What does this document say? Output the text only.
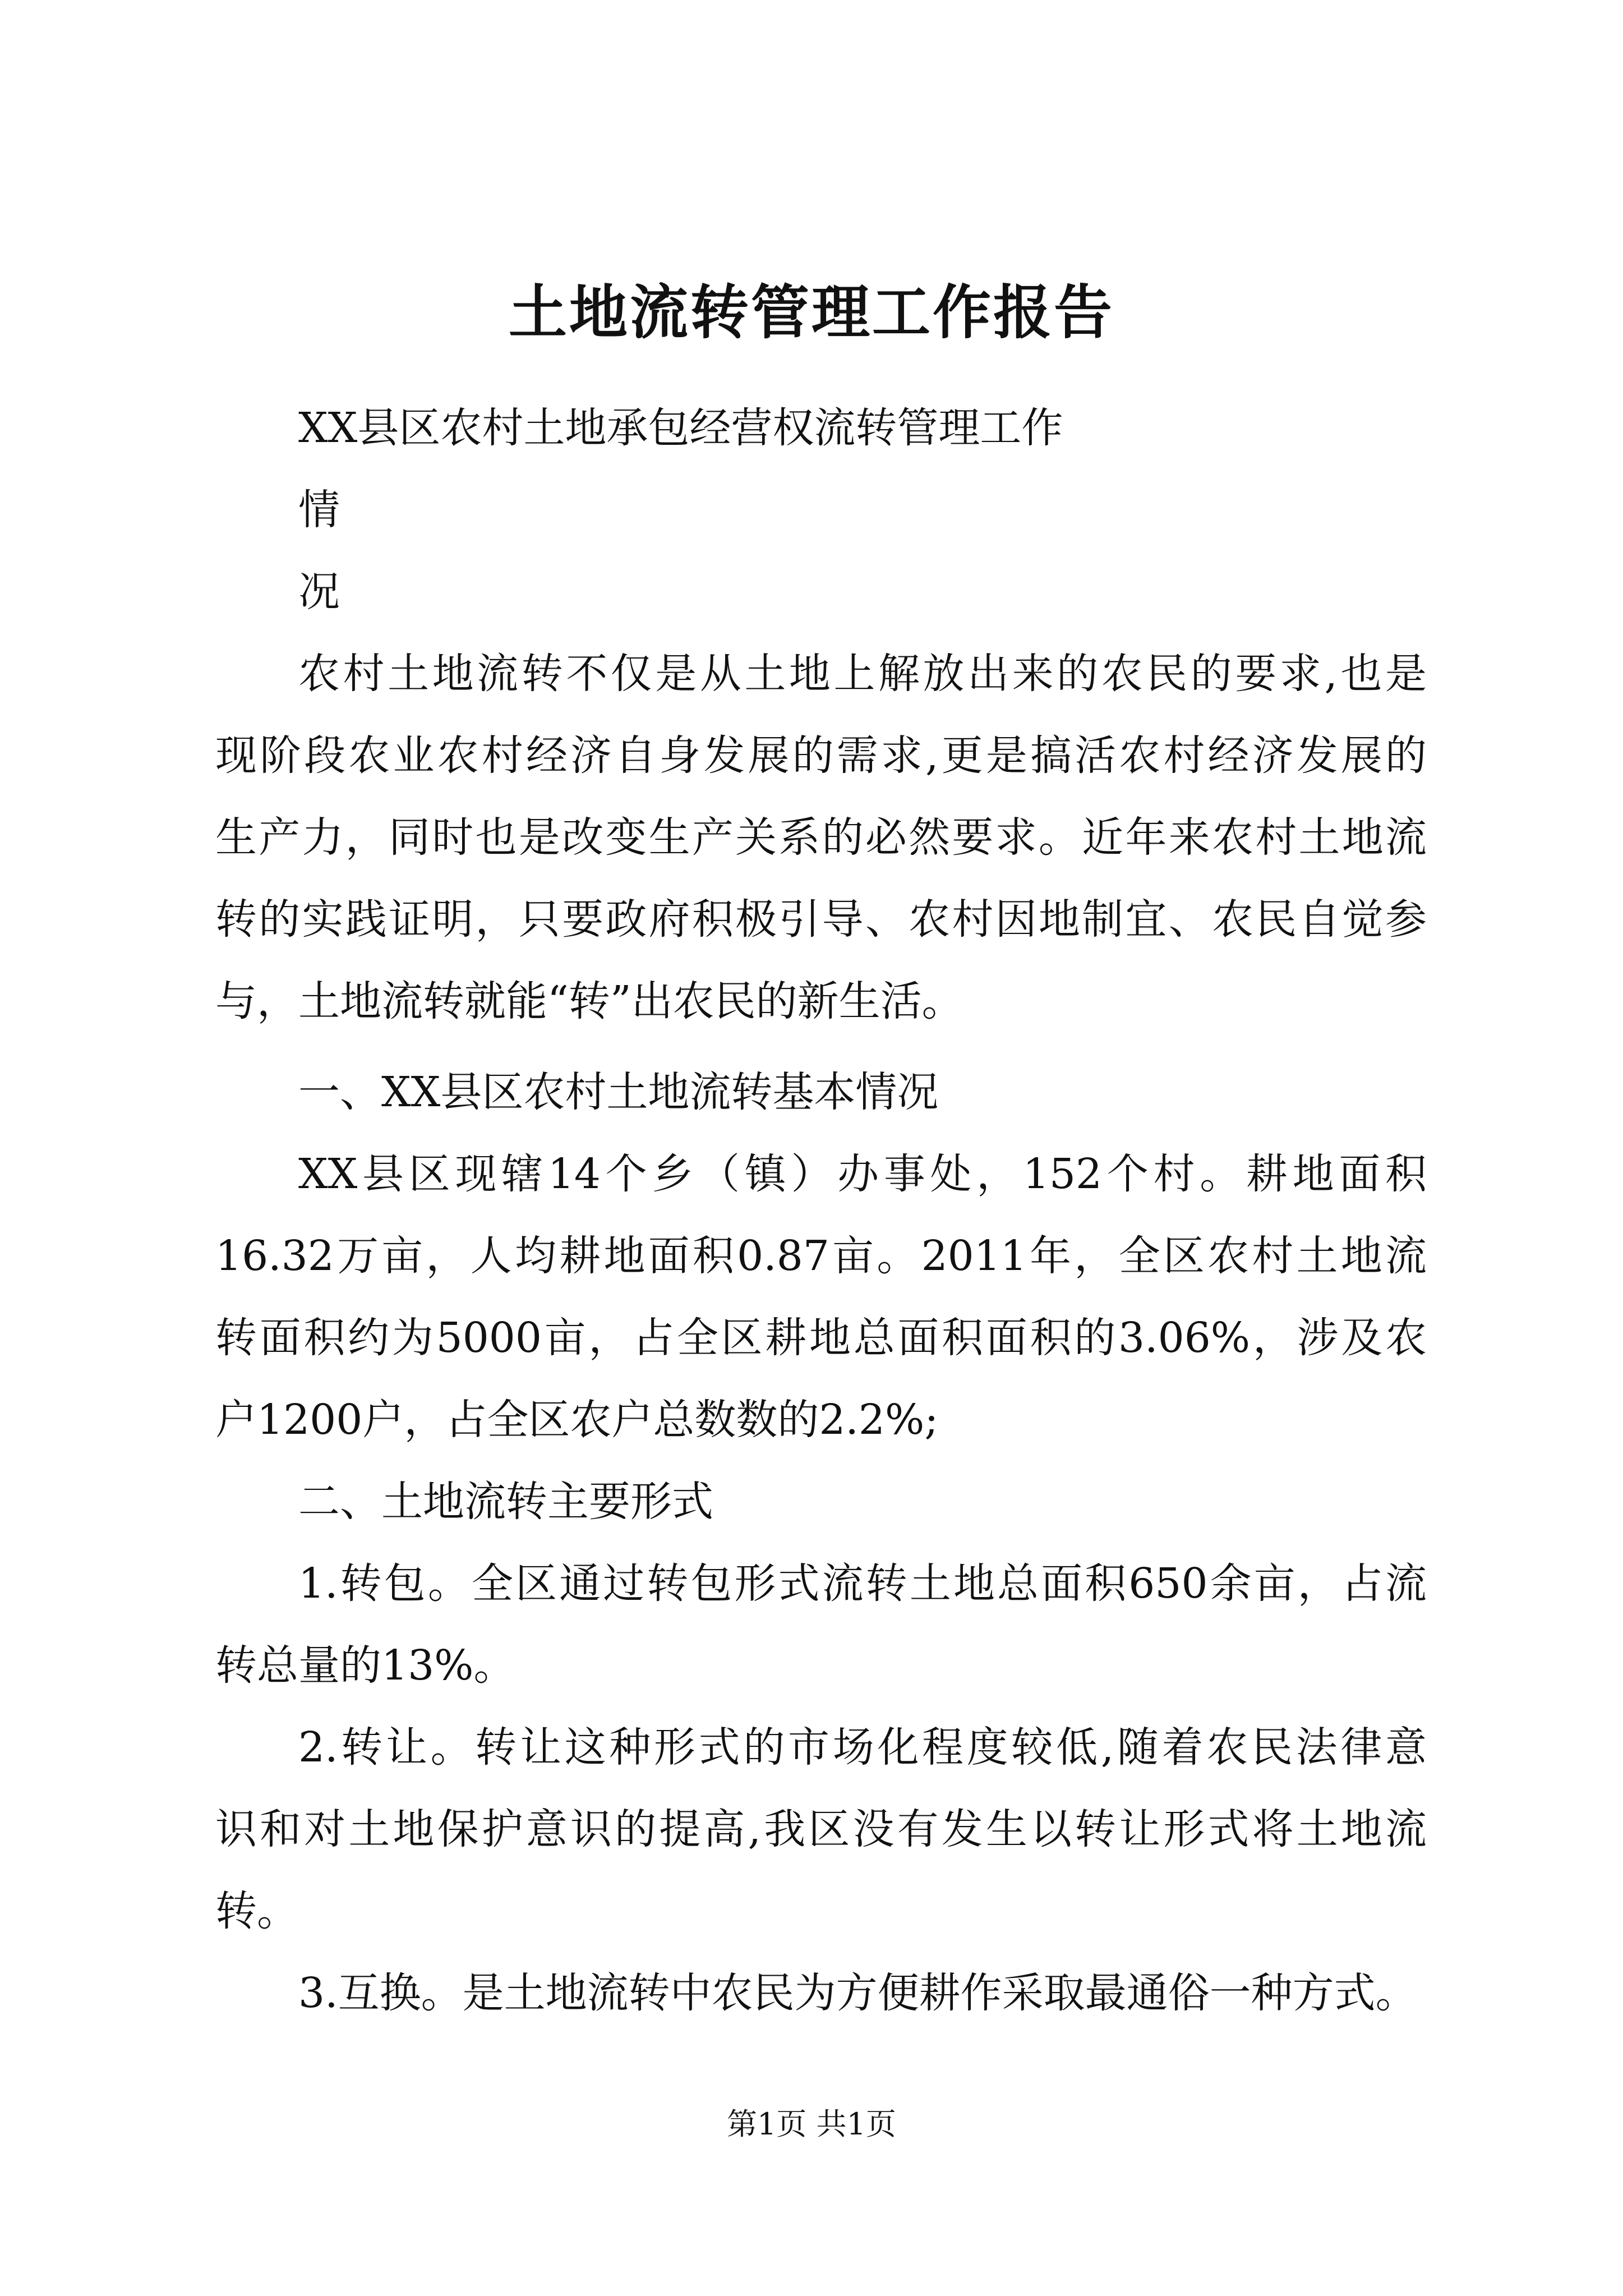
土地流转管理工作报告
XX县区农村土地承包经营权流转管理工作
情
况
农村土地流转不仅是从土地上解放出来的农民的要求,也是
现阶段农业农村经济自身发展的需求,更是搞活农村经济发展的
生产力，同时也是改变生产关系的必然要求。近年来农村土地流
转的实践证明，只要政府积极引导、农村因地制宜、农民自觉参
与，土地流转就能“转”出农民的新生活。
一、XX县区农村土地流转基本情况
XX县区现辖14个乡（镇）办事处，152个村。耕地面积
16.32万亩，人均耕地面积0.87亩。2011年，全区农村土地流
转面积约为5000亩，占全区耕地总面积面积的3.06%，涉及农
户1200户，占全区农户总数数的2.2%;
二、土地流转主要形式
1.转包。全区通过转包形式流转土地总面积650余亩，占流
转总量的13%。
2.转让。转让这种形式的市场化程度较低,随着农民法律意
识和对土地保护意识的提高,我区没有发生以转让形式将土地流
转。
3.互换。是土地流转中农民为方便耕作采取最通俗一种方式。
第1页 共1页
